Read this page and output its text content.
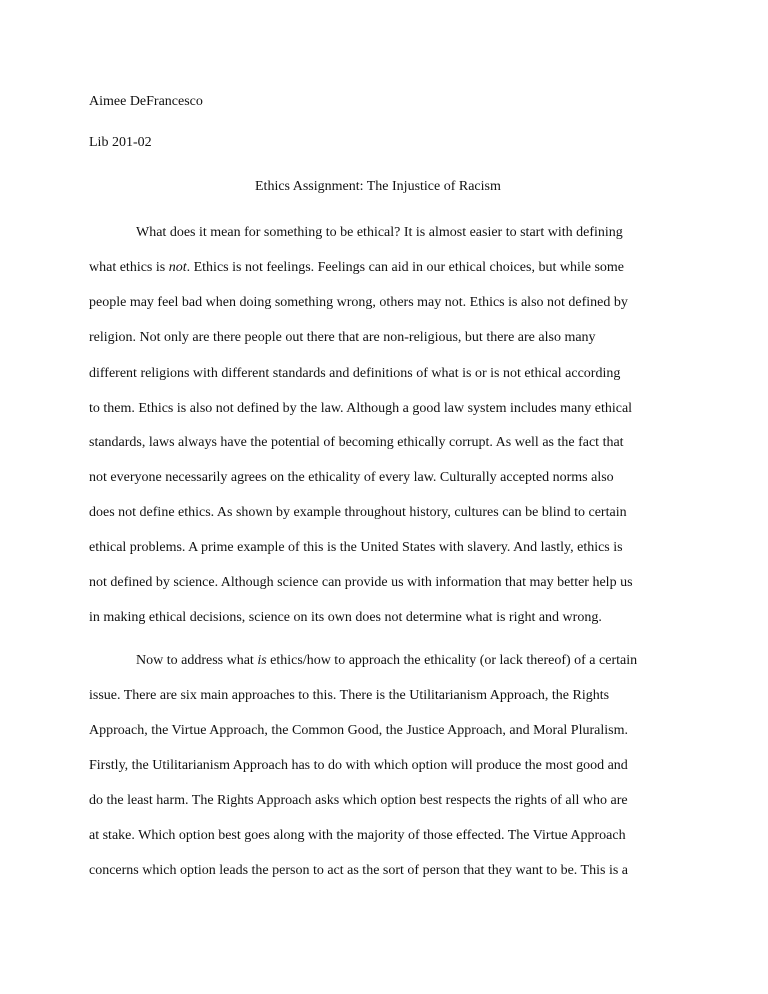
Aimee DeFrancesco

Lib 201-02

Ethics Assignment: The Injustice of Racism

What does it mean for something to be ethical? It is almost easier to start with defining

what ethics is not. Ethics is not feelings. Feelings can aid in our ethical choices, but while some

people may feel bad when doing something wrong, others may not. Ethics is also not defined by

religion. Not only are there people out there that are non-religious, but there are also many

different religions with different standards and definitions of what is or is not ethical according

to them. Ethics is also not defined by the law. Although a good law system includes many ethical

standards, laws always have the potential of becoming ethically corrupt. As well as the fact that

not everyone necessarily agrees on the ethicality of every law. Culturally accepted norms also

does not define ethics. As shown by example throughout history, cultures can be blind to certain

ethical problems. A prime example of this is the United States with slavery. And lastly, ethics is

not defined by science. Although science can provide us with information that may better help us

in making ethical decisions, science on its own does not determine what is right and wrong.

Now to address what is ethics/how to approach the ethicality (or lack thereof) of a certain

issue. There are six main approaches to this. There is the Utilitarianism Approach, the Rights

Approach, the Virtue Approach, the Common Good, the Justice Approach, and Moral Pluralism.

Firstly, the Utilitarianism Approach has to do with which option will produce the most good and

do the least harm. The Rights Approach asks which option best respects the rights of all who are

at stake. Which option best goes along with the majority of those effected. The Virtue Approach

concerns which option leads the person to act as the sort of person that they want to be. This is a
